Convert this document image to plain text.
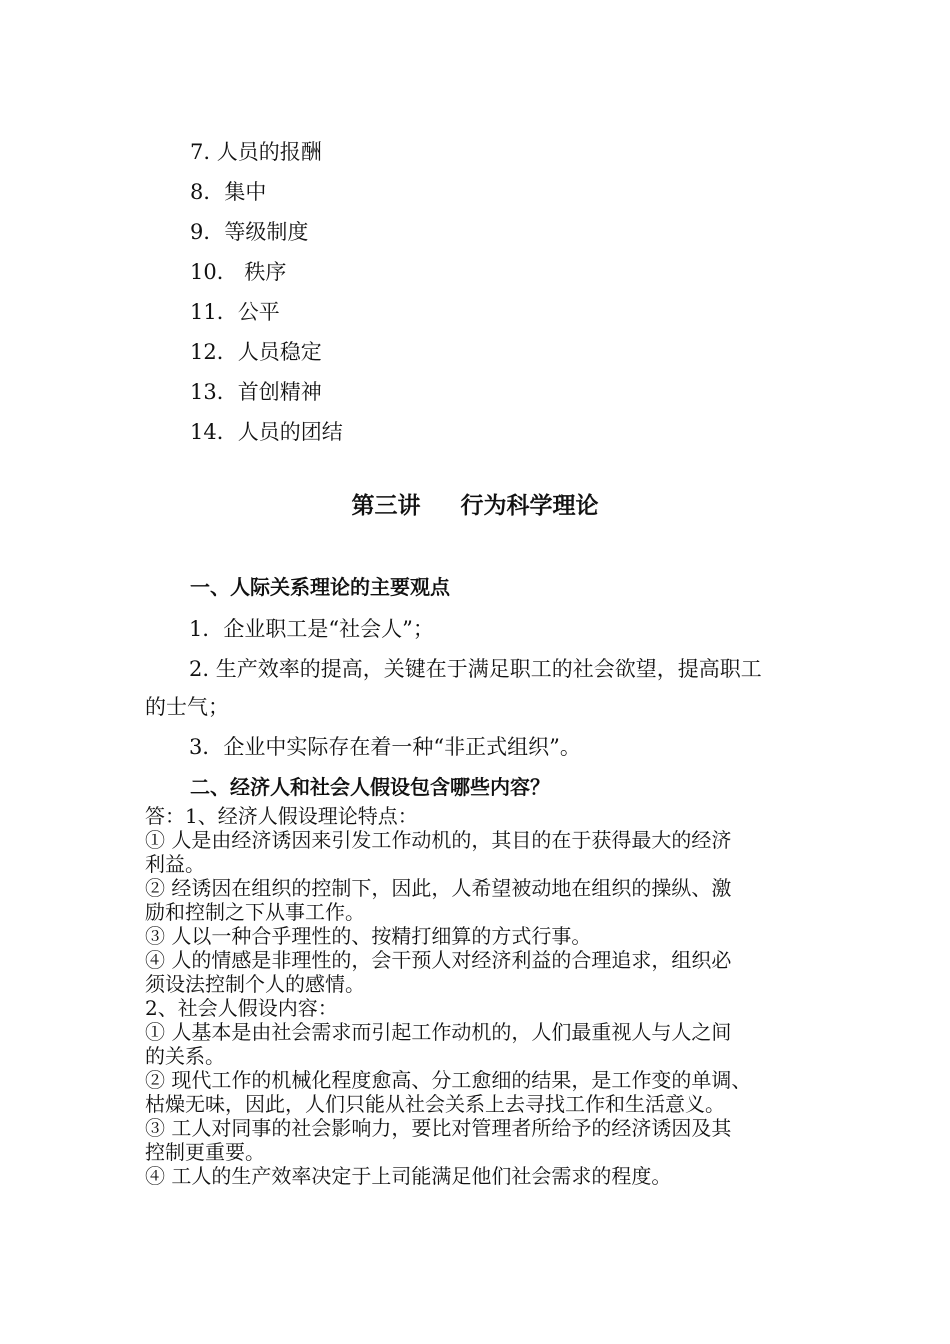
7. 人员的报酬
8．集中
9．等级制度
10． 秩序
11．公平
12．人员稳定
13．首创精神
14．人员的团结
第三讲 行为科学理论
一、人际关系理论的主要观点
1．企业职工是“社会人”；
2. 生产效率的提高，关键在于满足职工的社会欲望，提高职工
的士气；
3．企业中实际存在着一种“非正式组织”。
二、经济人和社会人假设包含哪些内容？
答：1、经济人假设理论特点：
① 人是由经济诱因来引发工作动机的，其目的在于获得最大的经济
利益。
② 经诱因在组织的控制下，因此，人希望被动地在组织的操纵、激
励和控制之下从事工作。
③ 人以一种合乎理性的、按精打细算的方式行事。
④ 人的情感是非理性的，会干预人对经济利益的合理追求，组织必
须设法控制个人的感情。
2、社会人假设内容：
① 人基本是由社会需求而引起工作动机的，人们最重视人与人之间
的关系。
② 现代工作的机械化程度愈高、分工愈细的结果，是工作变的单调、
枯燥无味，因此，人们只能从社会关系上去寻找工作和生活意义。
③ 工人对同事的社会影响力，要比对管理者所给予的经济诱因及其
控制更重要。
④ 工人的生产效率决定于上司能满足他们社会需求的程度。
